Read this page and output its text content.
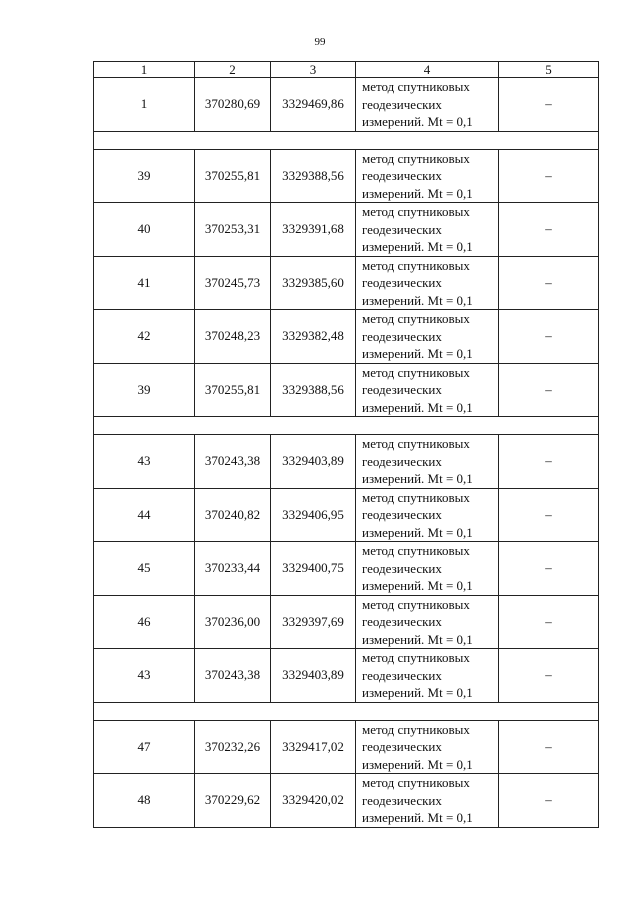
99
1	2	3	4	5
1	370280,69	3329469,86	метод спутниковых
геодезических
измерений. Mt = 0,1	–

39	370255,81	3329388,56	метод спутниковых
геодезических
измерений. Mt = 0,1	–
40	370253,31	3329391,68	метод спутниковых
геодезических
измерений. Mt = 0,1	–
41	370245,73	3329385,60	метод спутниковых
геодезических
измерений. Mt = 0,1	–
42	370248,23	3329382,48	метод спутниковых
геодезических
измерений. Mt = 0,1	–
39	370255,81	3329388,56	метод спутниковых
геодезических
измерений. Mt = 0,1	–

43	370243,38	3329403,89	метод спутниковых
геодезических
измерений. Mt = 0,1	–
44	370240,82	3329406,95	метод спутниковых
геодезических
измерений. Mt = 0,1	–
45	370233,44	3329400,75	метод спутниковых
геодезических
измерений. Mt = 0,1	–
46	370236,00	3329397,69	метод спутниковых
геодезических
измерений. Mt = 0,1	–
43	370243,38	3329403,89	метод спутниковых
геодезических
измерений. Mt = 0,1	–

47	370232,26	3329417,02	метод спутниковых
геодезических
измерений. Mt = 0,1	–
48	370229,62	3329420,02	метод спутниковых
геодезических
измерений. Mt = 0,1	–
